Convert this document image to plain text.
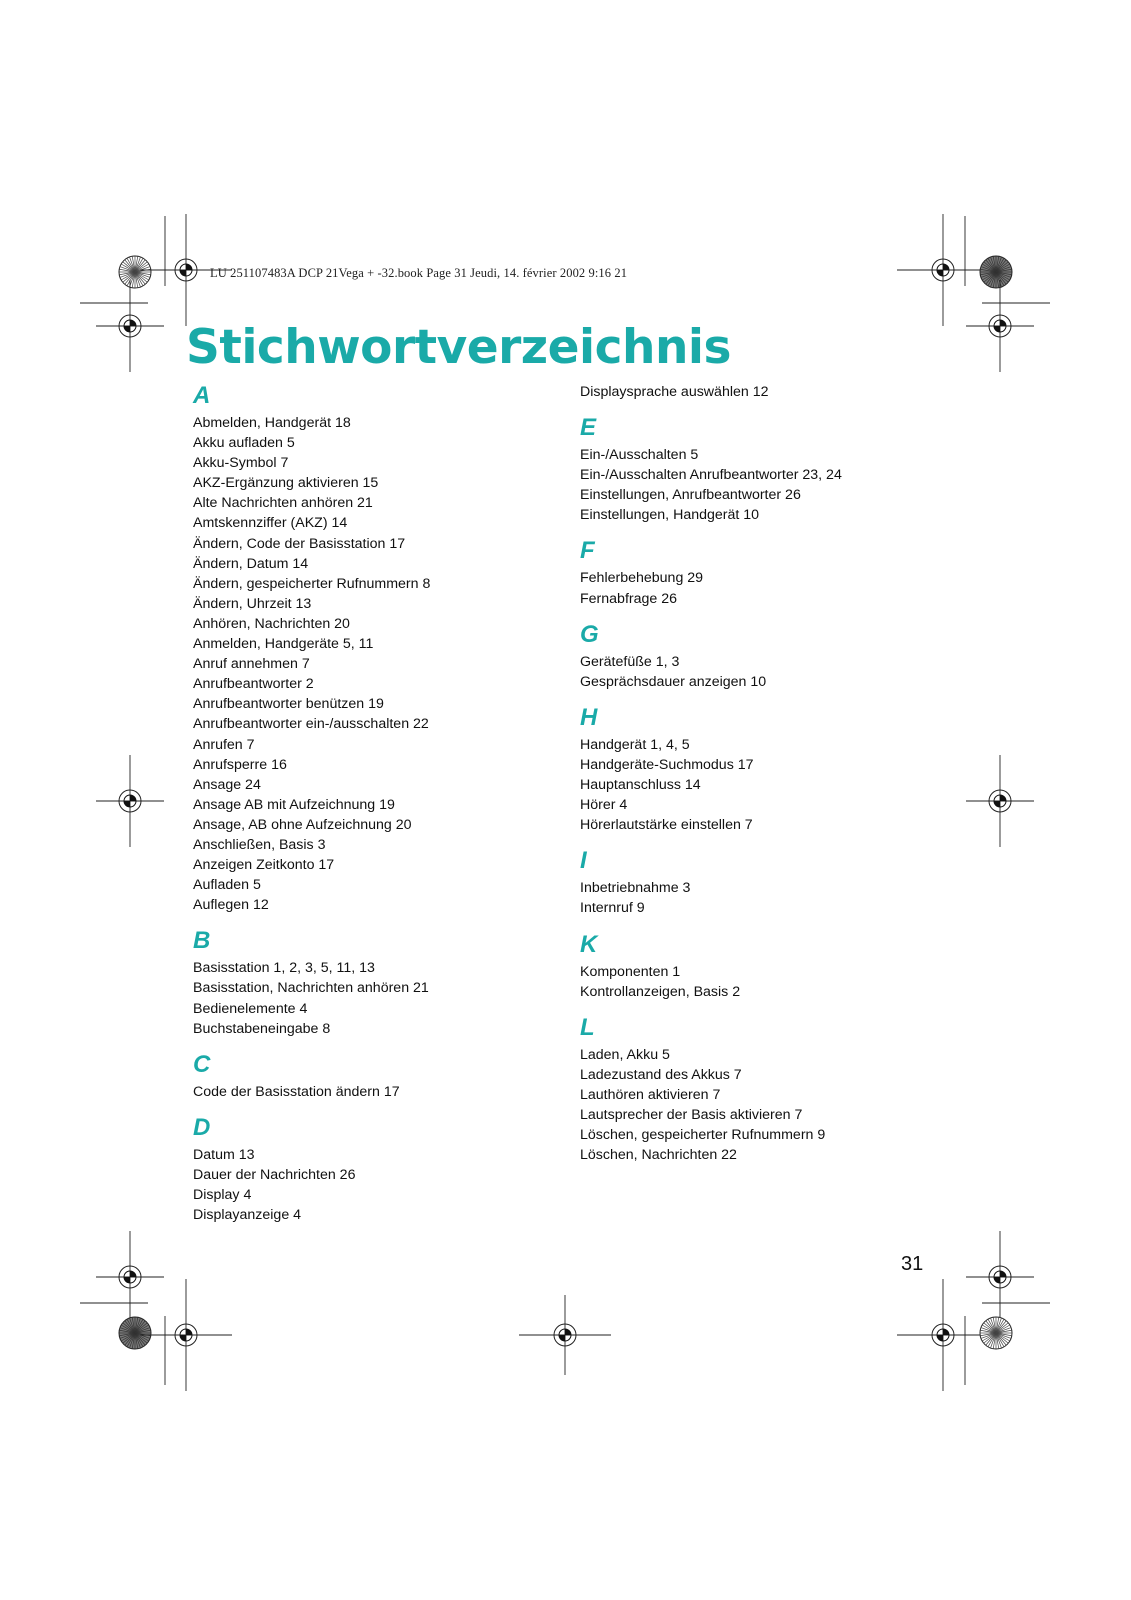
LU 251107483A DCP 21Vega + -32.book Page 31 Jeudi, 14. février 2002 9:16 21
Stichwortverzeichnis
A
Abmelden, Handgerät 18
Akku aufladen 5
Akku-Symbol 7
AKZ-Ergänzung aktivieren 15
Alte Nachrichten anhören 21
Amtskennziffer (AKZ) 14
Ändern, Code der Basisstation 17
Ändern, Datum 14
Ändern, gespeicherter Rufnummern 8
Ändern, Uhrzeit 13
Anhören, Nachrichten 20
Anmelden, Handgeräte 5, 11
Anruf annehmen 7
Anrufbeantworter 2
Anrufbeantworter benützen 19
Anrufbeantworter ein-/ausschalten 22
Anrufen 7
Anrufsperre 16
Ansage 24
Ansage AB mit Aufzeichnung 19
Ansage, AB ohne Aufzeichnung 20
Anschließen, Basis 3
Anzeigen Zeitkonto 17
Aufladen 5
Auflegen 12
B
Basisstation 1, 2, 3, 5, 11, 13
Basisstation, Nachrichten anhören 21
Bedienelemente 4
Buchstabeneingabe 8
C
Code der Basisstation ändern 17
D
Datum 13
Dauer der Nachrichten 26
Display 4
Displayanzeige 4
Displaysprache auswählen 12
E
Ein-/Ausschalten 5
Ein-/Ausschalten Anrufbeantworter 23, 24
Einstellungen, Anrufbeantworter 26
Einstellungen, Handgerät 10
F
Fehlerbehebung 29
Fernabfrage 26
G
Gerätefüße 1, 3
Gesprächsdauer anzeigen 10
H
Handgerät 1, 4, 5
Handgeräte-Suchmodus 17
Hauptanschluss 14
Hörer 4
Hörerlautstärke einstellen 7
I
Inbetriebnahme 3
Internruf 9
K
Komponenten 1
Kontrollanzeigen, Basis 2
L
Laden, Akku 5
Ladezustand des Akkus 7
Lauthören aktivieren 7
Lautsprecher der Basis aktivieren 7
Löschen, gespeicherter Rufnummern 9
Löschen, Nachrichten 22
31
